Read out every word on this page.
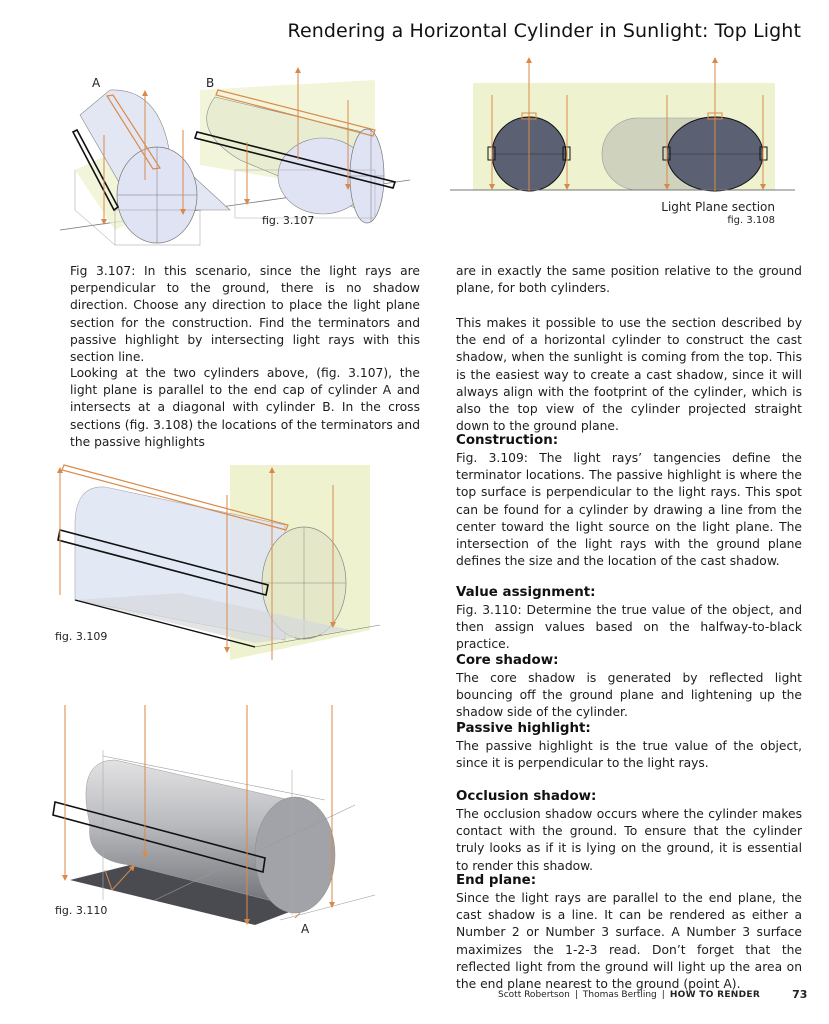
Rendering a Horizontal Cylinder in Sunlight: Top Light
A	B
fig. 3.107
Light Plane section
fig. 3.108

Fig 3.107: In this scenario, since the light rays are perpendicular to the ground, there is no shadow direction. Choose any direction to place the light plane section for the construction. Find the terminators and passive highlight by intersecting light rays with this section line.

Looking at the two cylinders above, (fig. 3.107), the light plane is parallel to the end cap of cylinder A and intersects at a diagonal with cylinder B. In the cross sections (fig. 3.108) the locations of the terminators and the passive highlights

are in exactly the same position relative to the ground plane, for both cylinders.

This makes it possible to use the section described by the end of a horizontal cylinder to construct the cast shadow, when the sunlight is coming from the top. This is the easiest way to create a cast shadow, since it will always align with the footprint of the cylinder, which is also the top view of the cylinder projected straight down to the ground plane.

Construction:

Fig. 3.109: The light rays’ tangencies define the terminator locations. The passive highlight is where the top surface is perpendicular to the light rays. This spot can be found for a cylinder by drawing a line from the center toward the light source on the light plane. The intersection of the light rays with the ground plane defines the size and the location of the cast shadow.

Value assignment:

Fig. 3.110: Determine the true value of the object, and then assign values based on the halfway-to-black practice.

Core shadow:

The core shadow is generated by reflected light bouncing off the ground plane and lightening up the shadow side of the cylinder.

Passive highlight:

The passive highlight is the true value of the object, since it is perpendicular to the light rays.

Occlusion shadow:

The occlusion shadow occurs where the cylinder makes contact with the ground. To ensure that the cylinder truly looks as if it is lying on the ground, it is essential to render this shadow.

End plane:

Since the light rays are parallel to the end plane, the cast shadow is a line. It can be rendered as either a Number 2 or Number 3 surface. A Number 3 surface maximizes the 1-2-3 read. Don’t forget that the reflected light from the ground will light up the area on the end plane nearest to the ground (point A).

fig. 3.109
fig. 3.110
A
Scott Robertson | Thomas Bertling | HOW TO RENDER	73
